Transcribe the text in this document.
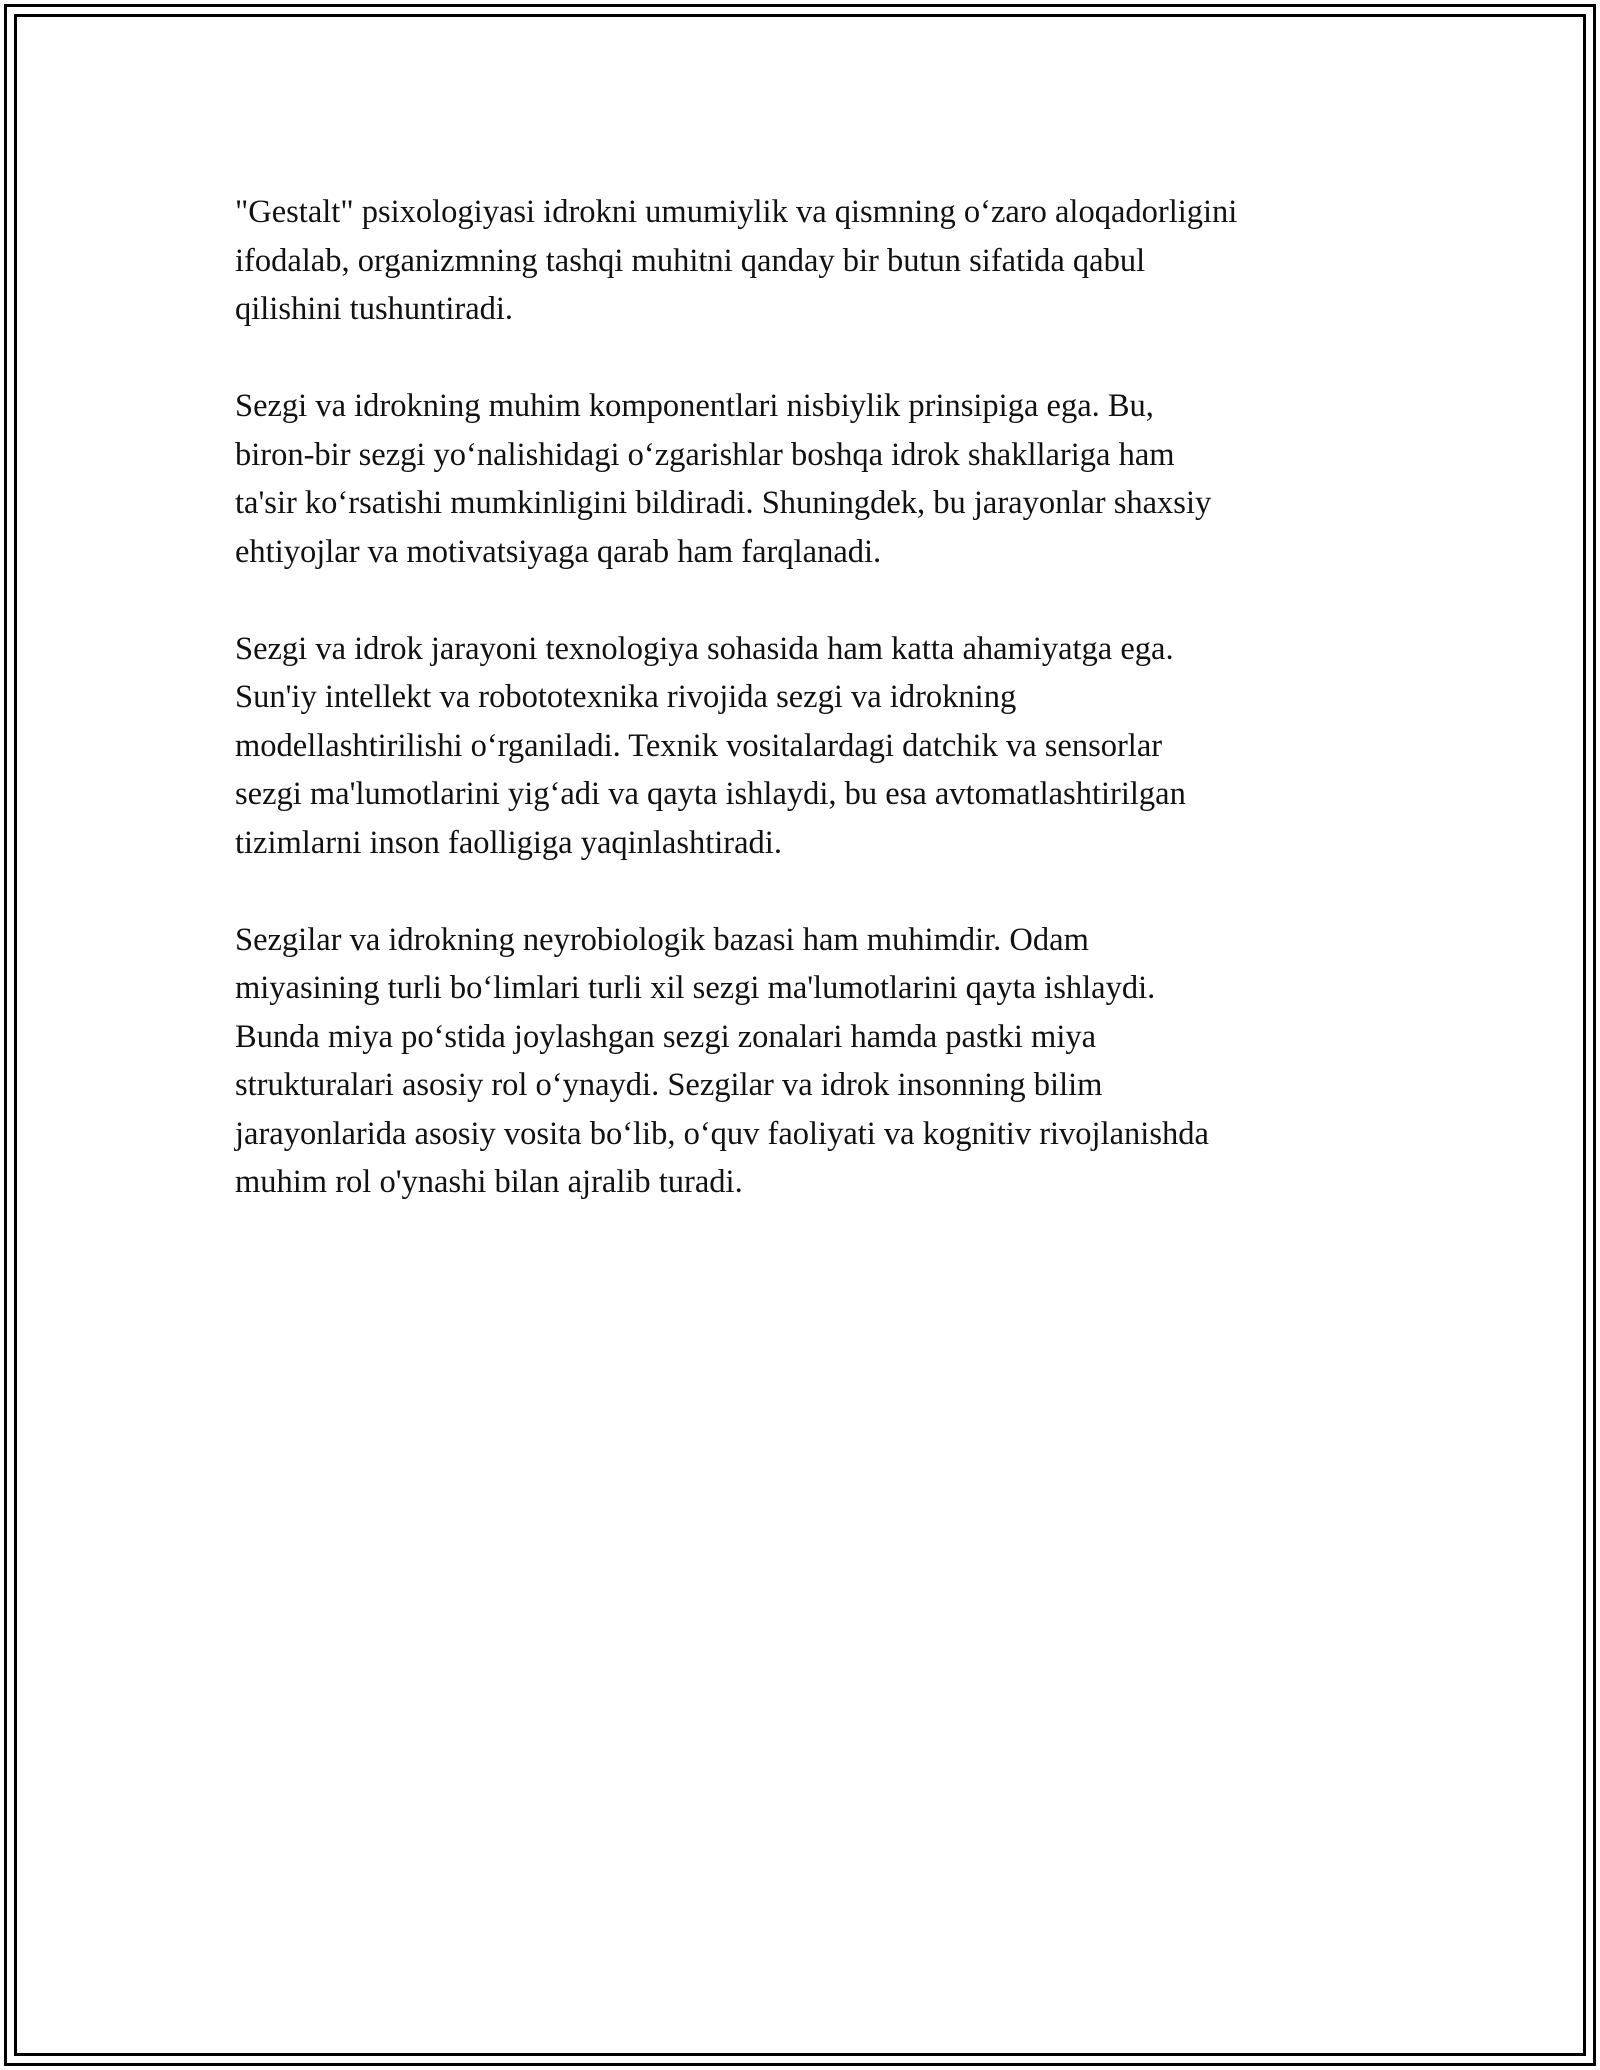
"Gestalt" psixologiyasi idrokni umumiylik va qismning o‘zaro aloqadorligini
ifodalab, organizmning tashqi muhitni qanday bir butun sifatida qabul
qilishini tushuntiradi.

Sezgi va idrokning muhim komponentlari nisbiylik prinsipiga ega. Bu,
biron-bir sezgi yo‘nalishidagi o‘zgarishlar boshqa idrok shakllariga ham
ta'sir ko‘rsatishi mumkinligini bildiradi. Shuningdek, bu jarayonlar shaxsiy
ehtiyojlar va motivatsiyaga qarab ham farqlanadi.

Sezgi va idrok jarayoni texnologiya sohasida ham katta ahamiyatga ega.
Sun'iy intellekt va robototexnika rivojida sezgi va idrokning
modellashtirilishi o‘rganiladi. Texnik vositalardagi datchik va sensorlar
sezgi ma'lumotlarini yig‘adi va qayta ishlaydi, bu esa avtomatlashtirilgan
tizimlarni inson faolligiga yaqinlashtiradi.

Sezgilar va idrokning neyrobiologik bazasi ham muhimdir. Odam
miyasining turli bo‘limlari turli xil sezgi ma'lumotlarini qayta ishlaydi.
Bunda miya po‘stida joylashgan sezgi zonalari hamda pastki miya
strukturalari asosiy rol o‘ynaydi. Sezgilar va idrok insonning bilim
jarayonlarida asosiy vosita bo‘lib, o‘quv faoliyati va kognitiv rivojlanishda
muhim rol o'ynashi bilan ajralib turadi.
